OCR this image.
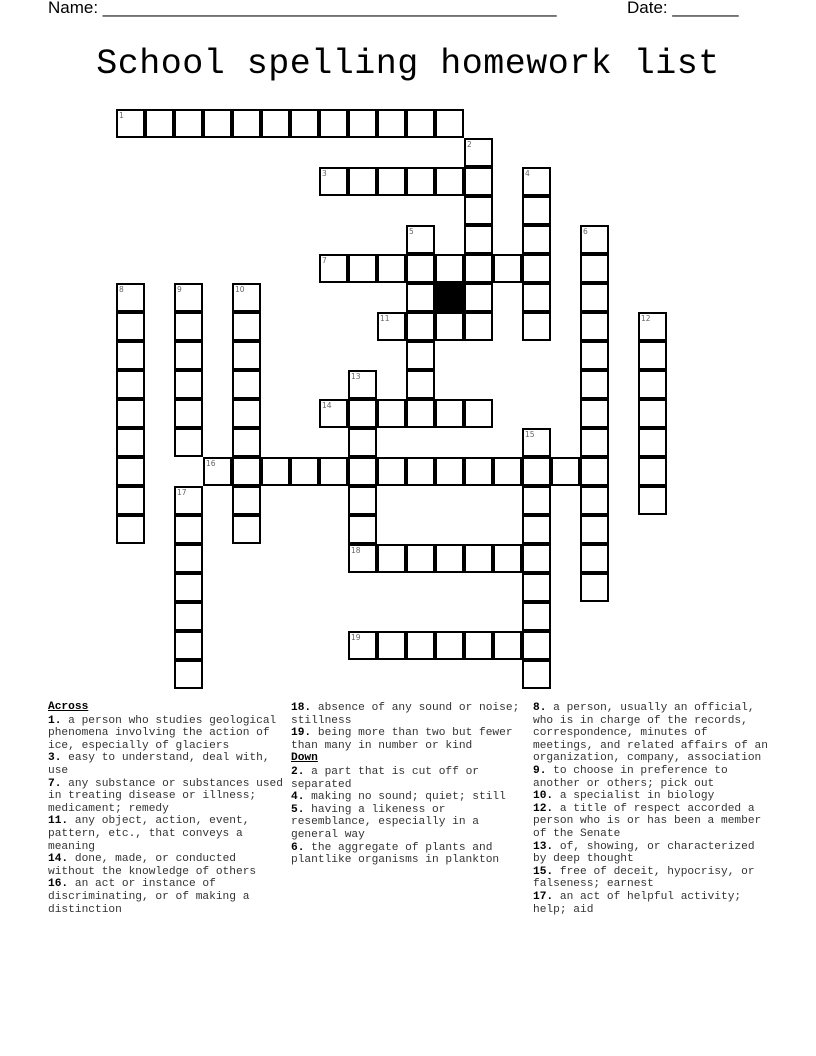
Name: ________________________________________________	Date: _______
School spelling homework list
1
2
3	4
5	6
7
8	9	10
11	12
13
18
14
15
16
17
19
Across

1. a person who studies geological phenomena involving the action of ice, especially of glaciers

3. easy to understand, deal with, use

7. any substance or substances used in treating disease or illness; medicament; remedy

11. any object, action, event, pattern, etc., that conveys a meaning

14. done, made, or conducted without the knowledge of others

16. an act or instance of discriminating, or of making a distinction

18. absence of any sound or noise; stillness

19. being more than two but fewer than many in number or kind

Down

2. a part that is cut off or separated

4. making no sound; quiet; still

5. having a likeness or resemblance, especially in a general way

6. the aggregate of plants and plantlike organisms in plankton

8. a person, usually an official, who is in charge of the records, correspondence, minutes of meetings, and related affairs of an organization, company, association

9. to choose in preference to another or others; pick out

10. a specialist in biology

12. a title of respect accorded a person who is or has been a member of the Senate

13. of, showing, or characterized by deep thought

15. free of deceit, hypocrisy, or falseness; earnest

17. an act of helpful activity; help; aid
